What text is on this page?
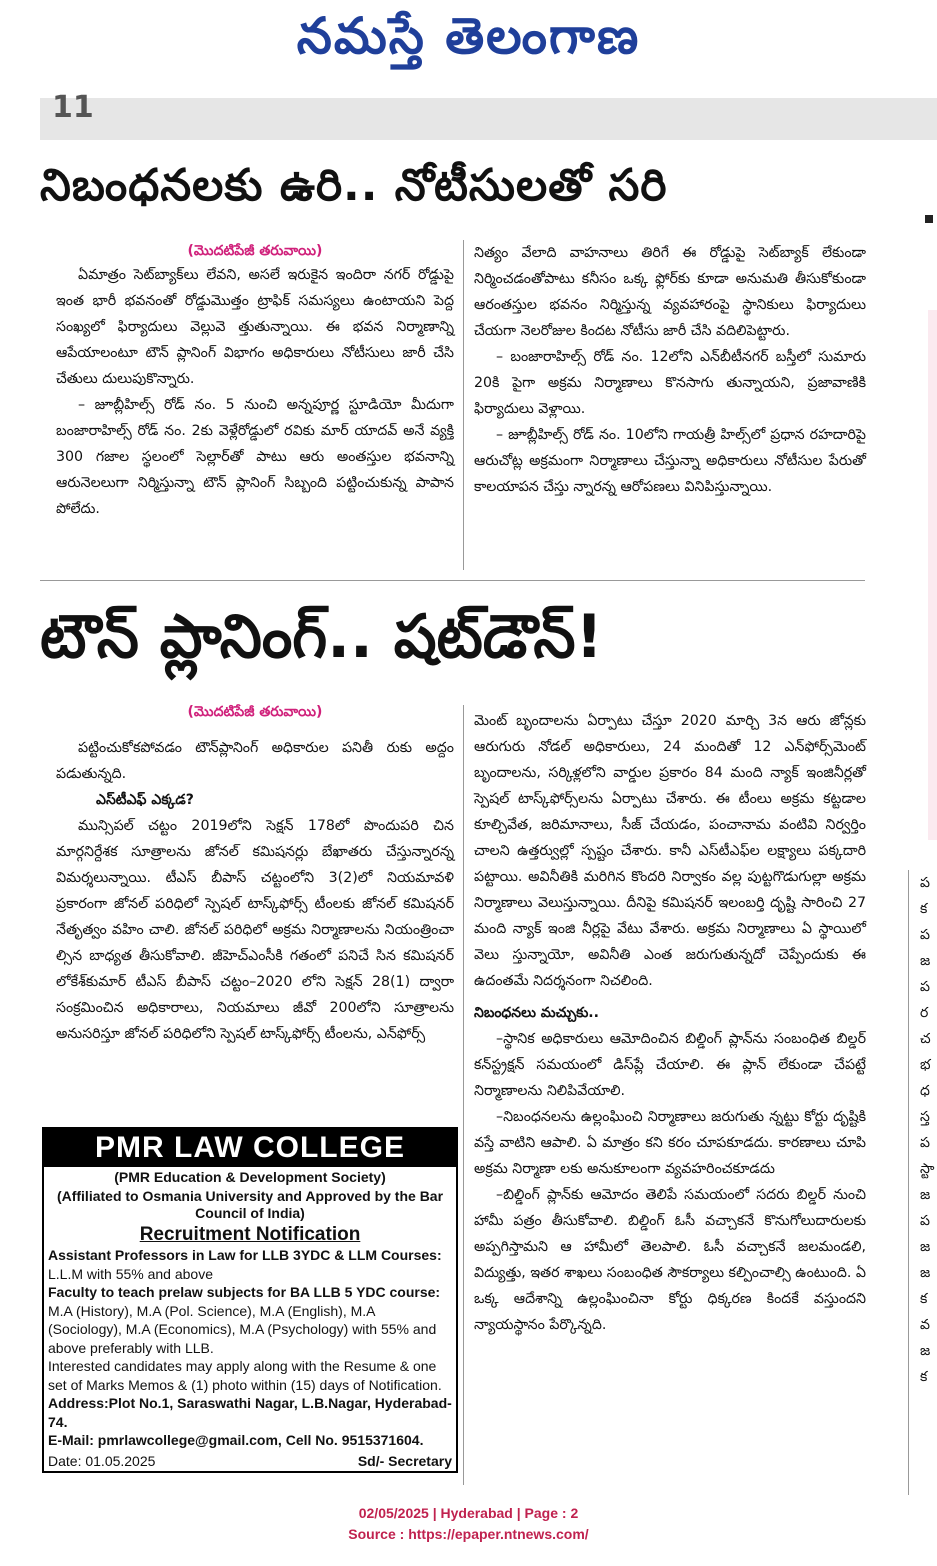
నమస్తే తెలంగాణ
11
నిబంధనలకు ఉరి.. నోటీసులతో సరి
(మొదటిపేజీ తరువాయి)

ఏమాత్రం సెట్‌బ్యాక్‌లు లేవని, అసలే ఇరుకైన ఇందిరా నగర్ రోడ్డుపై ఇంత భారీ భవనంతో రోడ్డుమొత్తం ట్రాఫిక్ సమస్యలు ఉంటాయని పెద్ద సంఖ్యలో ఫిర్యాదులు వెల్లువె త్తుతున్నాయి. ఈ భవన నిర్మాణాన్ని ఆపేయాలంటూ టౌన్ ప్లానింగ్ విభాగం అధికారులు నోటీసులు జారీ చేసి చేతులు దులుపుకొన్నారు.

– జూబ్లీహిల్స్ రోడ్ నం. 5 నుంచి అన్నపూర్ణ స్టూడియో మీదుగా బంజారాహిల్స్ రోడ్ నం. 2కు వెళ్లేరోడ్డులో రవికు మార్ యాదవ్ అనే వ్యక్తి 300 గజాల స్థలంలో సెల్లార్‌తో పాటు ఆరు అంతస్తుల భవనాన్ని ఆరునెలలుగా నిర్మిస్తున్నా టౌన్ ప్లానింగ్ సిబ్బంది పట్టించుకున్న పాపాన పోలేదు.

నిత్యం వేలాది వాహనాలు తిరిగే ఈ రోడ్డుపై సెట్‌బ్యాక్ లేకుండా నిర్మించడంతోపాటు కనీసం ఒక్క ఫ్లోర్‌కు కూడా అనుమతి తీసుకోకుండా ఆరంతస్తుల భవనం నిర్మిస్తున్న వ్యవహారంపై స్థానికులు ఫిర్యాదులు చేయగా నెలరోజుల కిందట నోటీసు జారీ చేసి వదిలిపెట్టారు.

– బంజారాహిల్స్ రోడ్ నం. 12లోని ఎన్‌బీటీనగర్ బస్తీలో సుమారు 20కి పైగా అక్రమ నిర్మాణాలు కొనసాగు తున్నాయని, ప్రజావాణికి ఫిర్యాదులు వెళ్లాయి.

– జూబ్లీహిల్స్ రోడ్ నం. 10లోని గాయత్రీ హిల్స్‌లో ప్రధాన రహదారిపై ఆరుచోట్ల అక్రమంగా నిర్మాణాలు చేస్తున్నా అధికారులు నోటీసుల పేరుతో కాలయాపన చేస్తు న్నారన్న ఆరోపణలు వినిపిస్తున్నాయి.

టౌన్ ప్లానింగ్.. షట్‌డౌన్!
(మొదటిపేజీ తరువాయి)

పట్టించుకోకపోవడం టౌన్‌ప్లానింగ్ అధికారుల పనితీ రుకు అద్దం పడుతున్నది.

ఎస్‌టీఎఫ్ ఎక్కడ?

మున్సిపల్ చట్టం 2019లోని సెక్షన్ 178లో పొందుపరి చిన మార్గనిర్దేశక సూత్రాలను జోనల్ కమిషనర్లు బేఖాతరు చేస్తున్నారన్న విమర్శలున్నాయి. టీఎస్ బీపాస్ చట్టంలోని 3(2)లో నియమావళి ప్రకారంగా జోనల్ పరిధిలో స్పెషల్ టాస్క్‌ఫోర్స్ టీంలకు జోనల్ కమిషనర్ నేతృత్వం వహిం చాలి. జోనల్ పరిధిలో అక్రమ నిర్మాణాలను నియంత్రించా ల్సిన బాధ్యత తీసుకోవాలి. జీహెచ్‌ఎంసీకి గతంలో పనిచే సిన కమిషనర్ లోకేశ్‌కుమార్ టీఎస్ బీపాస్ చట్టం–2020 లోని సెక్షన్ 28(1) ద్వారా సంక్రమించిన అధికారాలు, నియమాలు జీవో 200లోని సూత్రాలను అనుసరిస్తూ జోనల్ పరిధిలోని స్పెషల్ టాస్క్‌ఫోర్స్ టీంలను, ఎన్‌ఫోర్స్

మెంట్ బృందాలను ఏర్పాటు చేస్తూ 2020 మార్చి 3న ఆరు జోన్లకు ఆరుగురు నోడల్ అధికారులు, 24 మందితో 12 ఎన్‌ఫోర్స్‌మెంట్ బృందాలను, సర్కిళ్లలోని వార్డుల ప్రకారం 84 మంది న్యాక్ ఇంజినీర్లతో స్పెషల్ టాస్క్‌ఫోర్స్‌లను ఏర్పాటు చేశారు. ఈ టీంలు అక్రమ కట్టడాల కూల్చివేత, జరిమానాలు, సీజ్ చేయడం, పంచానామ వంటివి నిర్వర్తిం చాలని ఉత్తర్వుల్లో స్పష్టం చేశారు. కానీ ఎస్‌టీఎఫ్‌ల లక్ష్యాలు పక్కదారి పట్టాయి. అవినీతికి మరిగిన కొందరి నిర్వాకం వల్ల పుట్టగొడుగుల్లా అక్రమ నిర్మాణాలు వెలుస్తున్నాయి. దీనిపై కమిషనర్ ఇలంబర్తి దృష్టి సారించి 27 మంది న్యాక్ ఇంజి నీర్లపై వేటు వేశారు. అక్రమ నిర్మాణాలు ఏ స్థాయిలో వెలు స్తున్నాయో, అవినీతి ఎంత జరుగుతున్నదో చెప్పేందుకు ఈ ఉదంతమే నిదర్శనంగా నిచలింది.

నిబంధనలు మచ్చుకు..

–స్థానిక అధికారులు ఆమోదించిన బిల్డింగ్ ప్లాన్‌ను సంబంధిత బిల్డర్ కన్‌స్ట్రక్షన్ సమయంలో డిస్‌ప్లే చేయాలి. ఈ ప్లాన్ లేకుండా చేపట్టే నిర్మాణాలను నిలిపివేయాలి.

–నిబంధనలను ఉల్లంఘించి నిర్మాణాలు జరుగుతు న్నట్టు కోర్టు దృష్టికి వస్తే వాటిని ఆపాలి. ఏ మాత్రం కని కరం చూపకూడదు. కారణాలు చూపి అక్రమ నిర్మాణా లకు అనుకూలంగా వ్యవహరించకూడదు

–బిల్డింగ్ ప్లాన్‌కు ఆమోదం తెలిపే సమయంలో సదరు బిల్డర్ నుంచి హామీ పత్రం తీసుకోవాలి. బిల్డింగ్ ఓసీ వచ్చాకనే కొనుగోలుదారులకు అప్పగిస్తామని ఆ హామీలో తెలపాలి. ఓసీ వచ్చాకనే జలమండలి, విద్యుత్తు, ఇతర శాఖలు సంబంధిత సౌకర్యాలు కల్పించాల్సి ఉంటుంది. ఏ ఒక్క ఆదేశాన్ని ఉల్లంఘించినా కోర్టు ధిక్కరణ కిందకే వస్తుందని న్యాయస్థానం పేర్కొన్నది.

PMR LAW COLLEGE
(PMR Education & Development Society)
(Affiliated to Osmania University and Approved by the Bar Council of India)
Recruitment Notification
Assistant Professors in Law for LLB 3YDC & LLM Courses:
L.L.M with 55% and above
Faculty to teach prelaw subjects for BA LLB 5 YDC course:
M.A (History), M.A (Pol. Science), M.A (English), M.A (Sociology), M.A (Economics), M.A (Psychology) with 55% and above preferably with LLB.
Interested candidates may apply along with the Resume & one set of Marks Memos & (1) photo within (15) days of Notification.
Address:Plot No.1, Saraswathi Nagar, L.B.Nagar, Hyderabad-74.
E-Mail: pmrlawcollege@gmail.com, Cell No. 9515371604.
Date: 01.05.2025	Sd/- Secretary
ప
క
ప
జ
ప
ర
చ
భ
ధ
స్త
ప
స్టా
జ
ప
జ
జ
క
వ
జ
క
02/05/2025 | Hyderabad | Page : 2
Source : https://epaper.ntnews.com/
